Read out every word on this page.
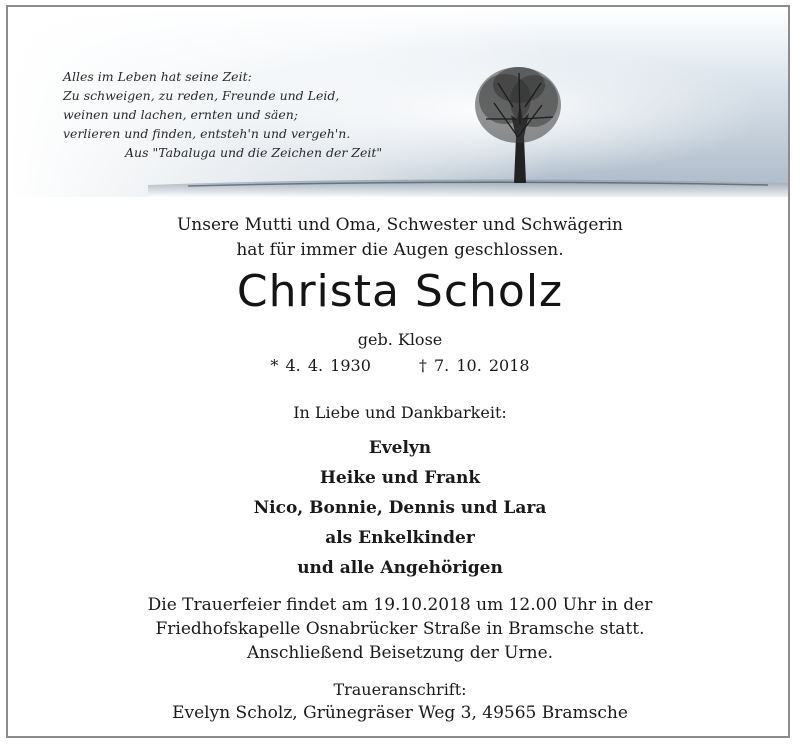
Alles im Leben hat seine Zeit:
Zu schweigen, zu reden, Freunde und Leid,
weinen und lachen, ernten und säen;
verlieren und finden, entsteh'n und vergeh'n.
Aus "Tabaluga und die Zeichen der Zeit"
Unsere Mutti und Oma, Schwester und Schwägerin
hat für immer die Augen geschlossen.
Christa Scholz
geb. Klose
* 4. 4. 1930	† 7. 10. 2018
In Liebe und Dankbarkeit:
Evelyn
Heike und Frank
Nico, Bonnie, Dennis und Lara
als Enkelkinder
und alle Angehörigen
Die Trauerfeier findet am 19.10.2018 um 12.00 Uhr in der
Friedhofskapelle Osnabrücker Straße in Bramsche statt.
Anschließend Beisetzung der Urne.
Traueranschrift:
Evelyn Scholz, Grünegräser Weg 3, 49565 Bramsche
